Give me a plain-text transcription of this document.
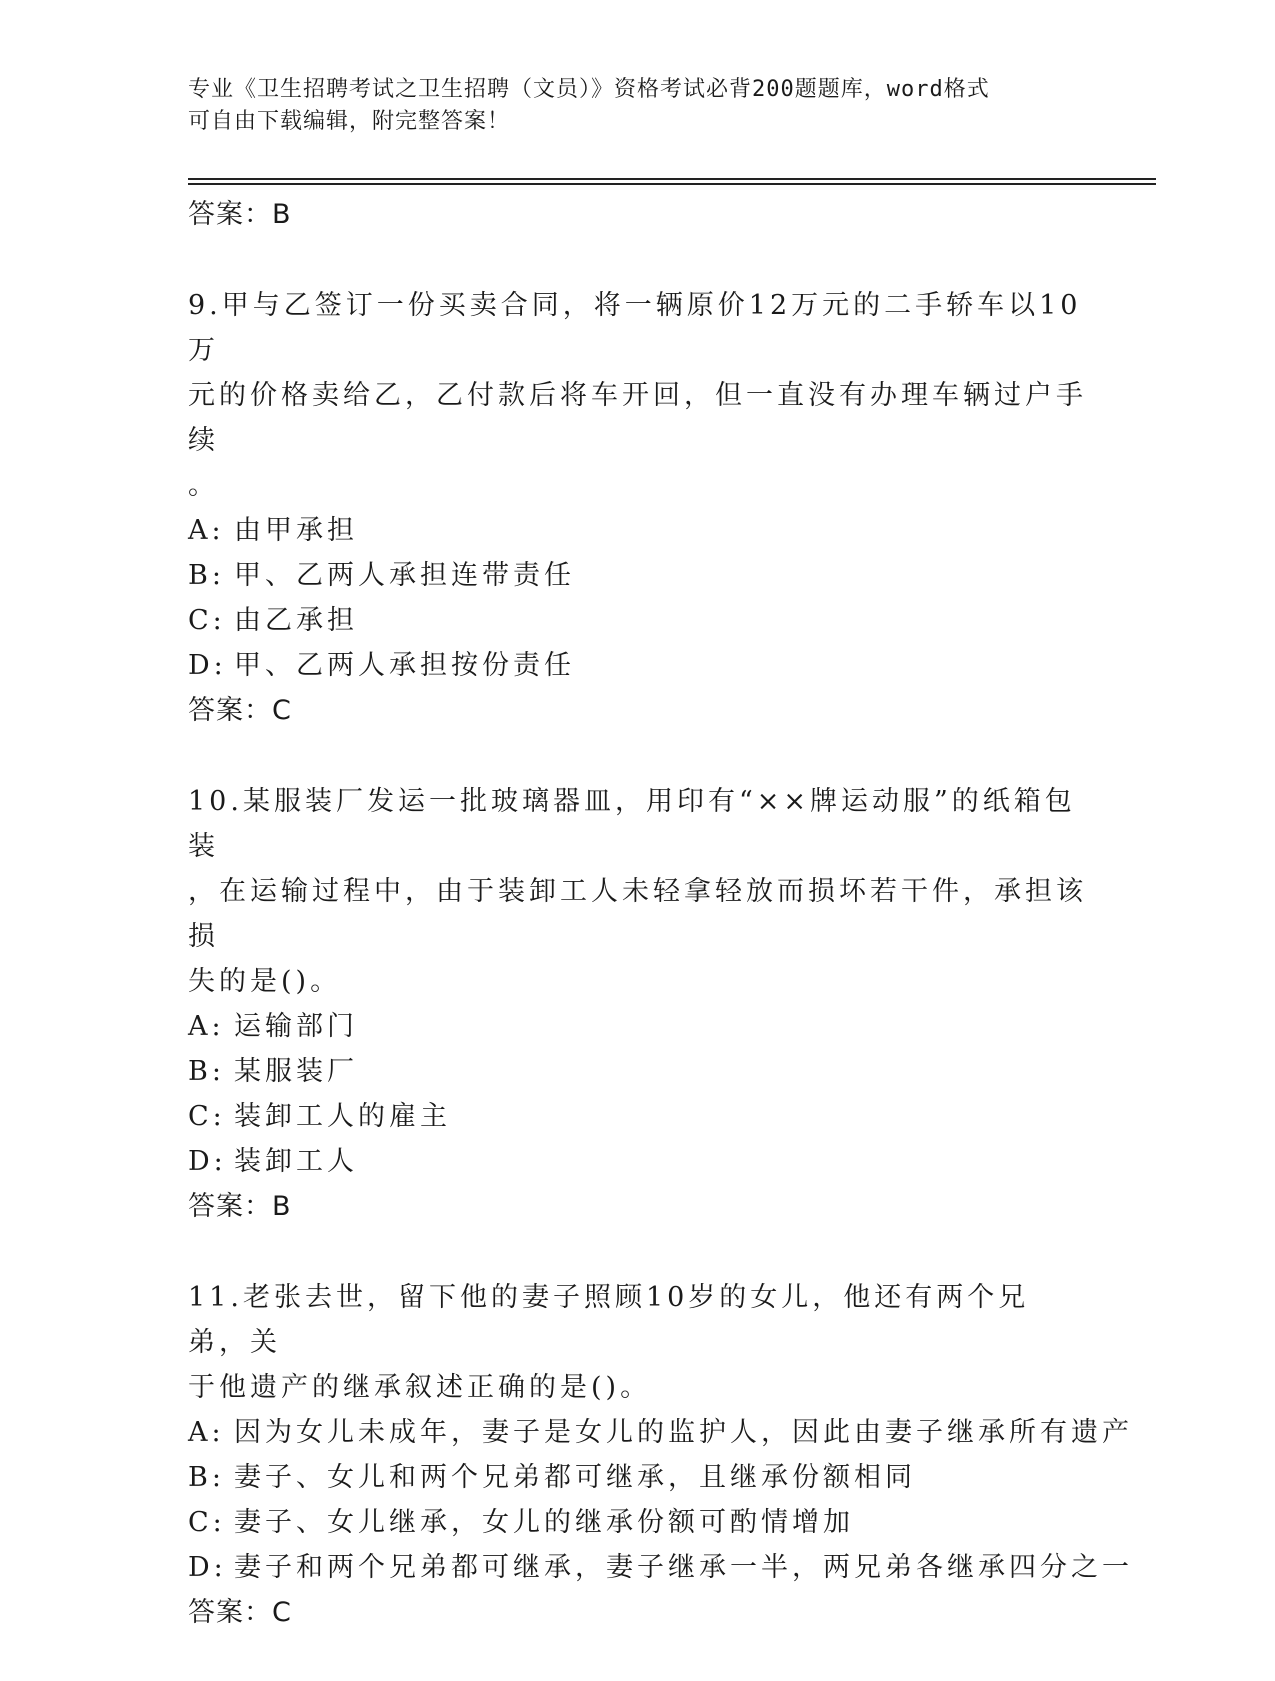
专业《卫生招聘考试之卫生招聘（文员）》资格考试必背200题题库，word格式
可自由下载编辑，附完整答案！
答案：B
9.甲与乙签订一份买卖合同，将一辆原价12万元的二手轿车以10万
元的价格卖给乙，乙付款后将车开回，但一直没有办理车辆过户手续
。
A: 由甲承担
B: 甲、乙两人承担连带责任
C: 由乙承担
D: 甲、乙两人承担按份责任
答案：C
10.某服装厂发运一批玻璃器皿，用印有“××牌运动服”的纸箱包装
，在运输过程中，由于装卸工人未轻拿轻放而损坏若干件，承担该损
失的是()。
A: 运输部门
B: 某服装厂
C: 装卸工人的雇主
D: 装卸工人
答案：B
11.老张去世，留下他的妻子照顾10岁的女儿，他还有两个兄弟，关
于他遗产的继承叙述正确的是()。
A: 因为女儿未成年，妻子是女儿的监护人，因此由妻子继承所有遗产
B: 妻子、女儿和两个兄弟都可继承，且继承份额相同
C: 妻子、女儿继承，女儿的继承份额可酌情增加
D: 妻子和两个兄弟都可继承，妻子继承一半，两兄弟各继承四分之一
答案：C
